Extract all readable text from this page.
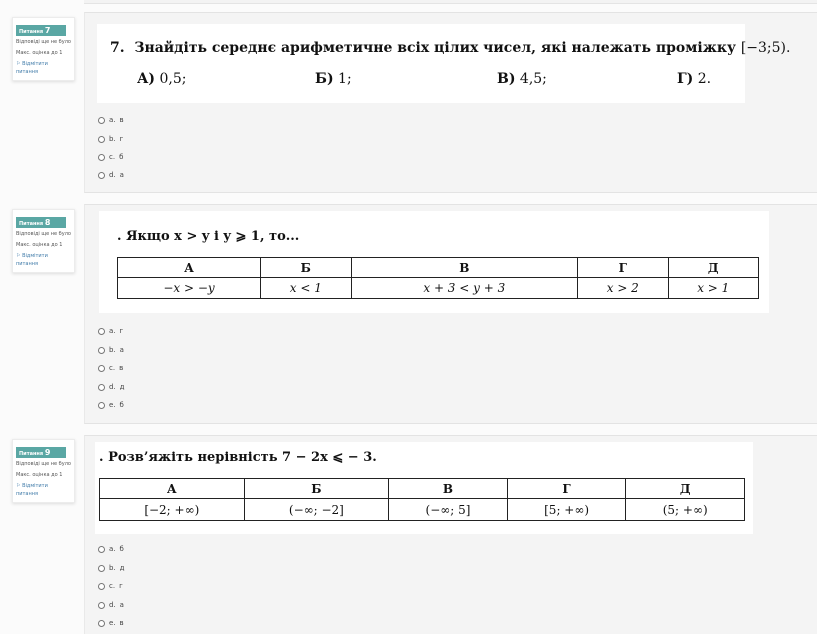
Питання 7
Відповіді ще не було
Макс. оцінка до 1
⚐ Відмітити питання
7. Знайдіть середнє арифметичне всіх цілих чисел, які належать проміжку [−3;5).
А) 0,5;	Б) 1;	В) 4,5;	Г) 2.
a. в
b. г
c. б
d. а
Питання 8
Відповіді ще не було
Макс. оцінка до 1
⚐ Відмітити питання
. Якщо x > y і y ⩾ 1, то...
А	Б	В	Г	Д
−x > −y	x < 1	x + 3 < y + 3	x > 2	x > 1
a. г
b. а
c. в
d. д
e. б
Питання 9
Відповіді ще не було
Макс. оцінка до 1
⚐ Відмітити питання
. Розв’яжіть нерівність 7 − 2x ⩽ − 3.
А	Б	В	Г	Д
[−2; +∞)	(−∞; −2]	(−∞; 5]	[5; +∞)	(5; +∞)
a. б
b. д
c. г
d. а
e. в
